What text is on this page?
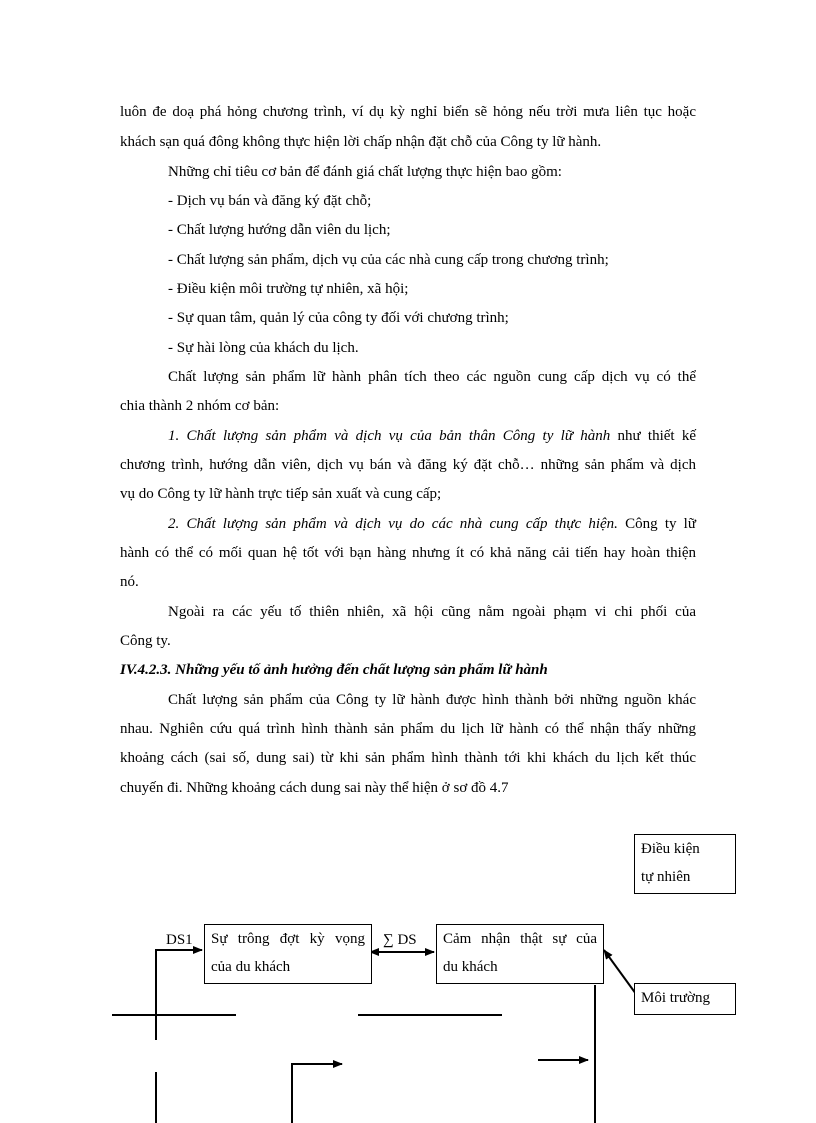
luôn đe doạ phá hỏng chương trình, ví dụ kỳ nghỉ biển sẽ hỏng nếu trời mưa liên tục hoặc
khách sạn quá đông không thực hiện lời chấp nhận đặt chỗ của Công ty lữ hành.
Những chỉ tiêu cơ bản để đánh giá chất lượng thực hiện bao gồm:
- Dịch vụ bán và đăng ký đặt chỗ;
- Chất lượng hướng dẫn viên du lịch;
- Chất lượng sản phẩm, dịch vụ của các nhà cung cấp trong chương trình;
- Điều kiện môi trường tự nhiên, xã hội;
- Sự quan tâm, quản lý của công ty đối với chương trình;
- Sự hài lòng của khách du lịch.
Chất lượng sản phẩm lữ hành phân tích theo các nguồn cung cấp dịch vụ có thể
chia thành 2 nhóm cơ bản:
1. Chất lượng sản phẩm và dịch vụ của bản thân Công ty lữ hành như thiết kế
chương trình, hướng dẫn viên, dịch vụ bán và đăng ký đặt chỗ… những sản phẩm và dịch
vụ do Công ty lữ hành trực tiếp sản xuất và cung cấp;
2. Chất lượng sản phẩm và dịch vụ do các nhà cung cấp thực hiện. Công ty lữ
hành có thể có mối quan hệ tốt với bạn hàng nhưng ít có khả năng cải tiến hay hoàn thiện
nó.
Ngoài ra các yếu tố thiên nhiên, xã hội cũng nằm ngoài phạm vi chi phối của
Công ty.
IV.4.2.3. Những yếu tố ảnh hưởng đến chất lượng sản phẩm lữ hành
Chất lượng sản phẩm của Công ty lữ hành được hình thành bởi những nguồn khác
nhau. Nghiên cứu quá trình hình thành sản phẩm du lịch lữ hành có thể nhận thấy những
khoảng cách (sai số, dung sai) từ khi sản phẩm hình thành tới khi khách du lịch kết thúc
chuyến đi. Những khoảng cách dung sai này thể hiện ở sơ đồ 4.7
Điều kiện
tự nhiên
DS1 Sự trông đợt kỳ vọng
của du khách
∑ DS Cảm nhận thật sự của
du khách
Môi trường
